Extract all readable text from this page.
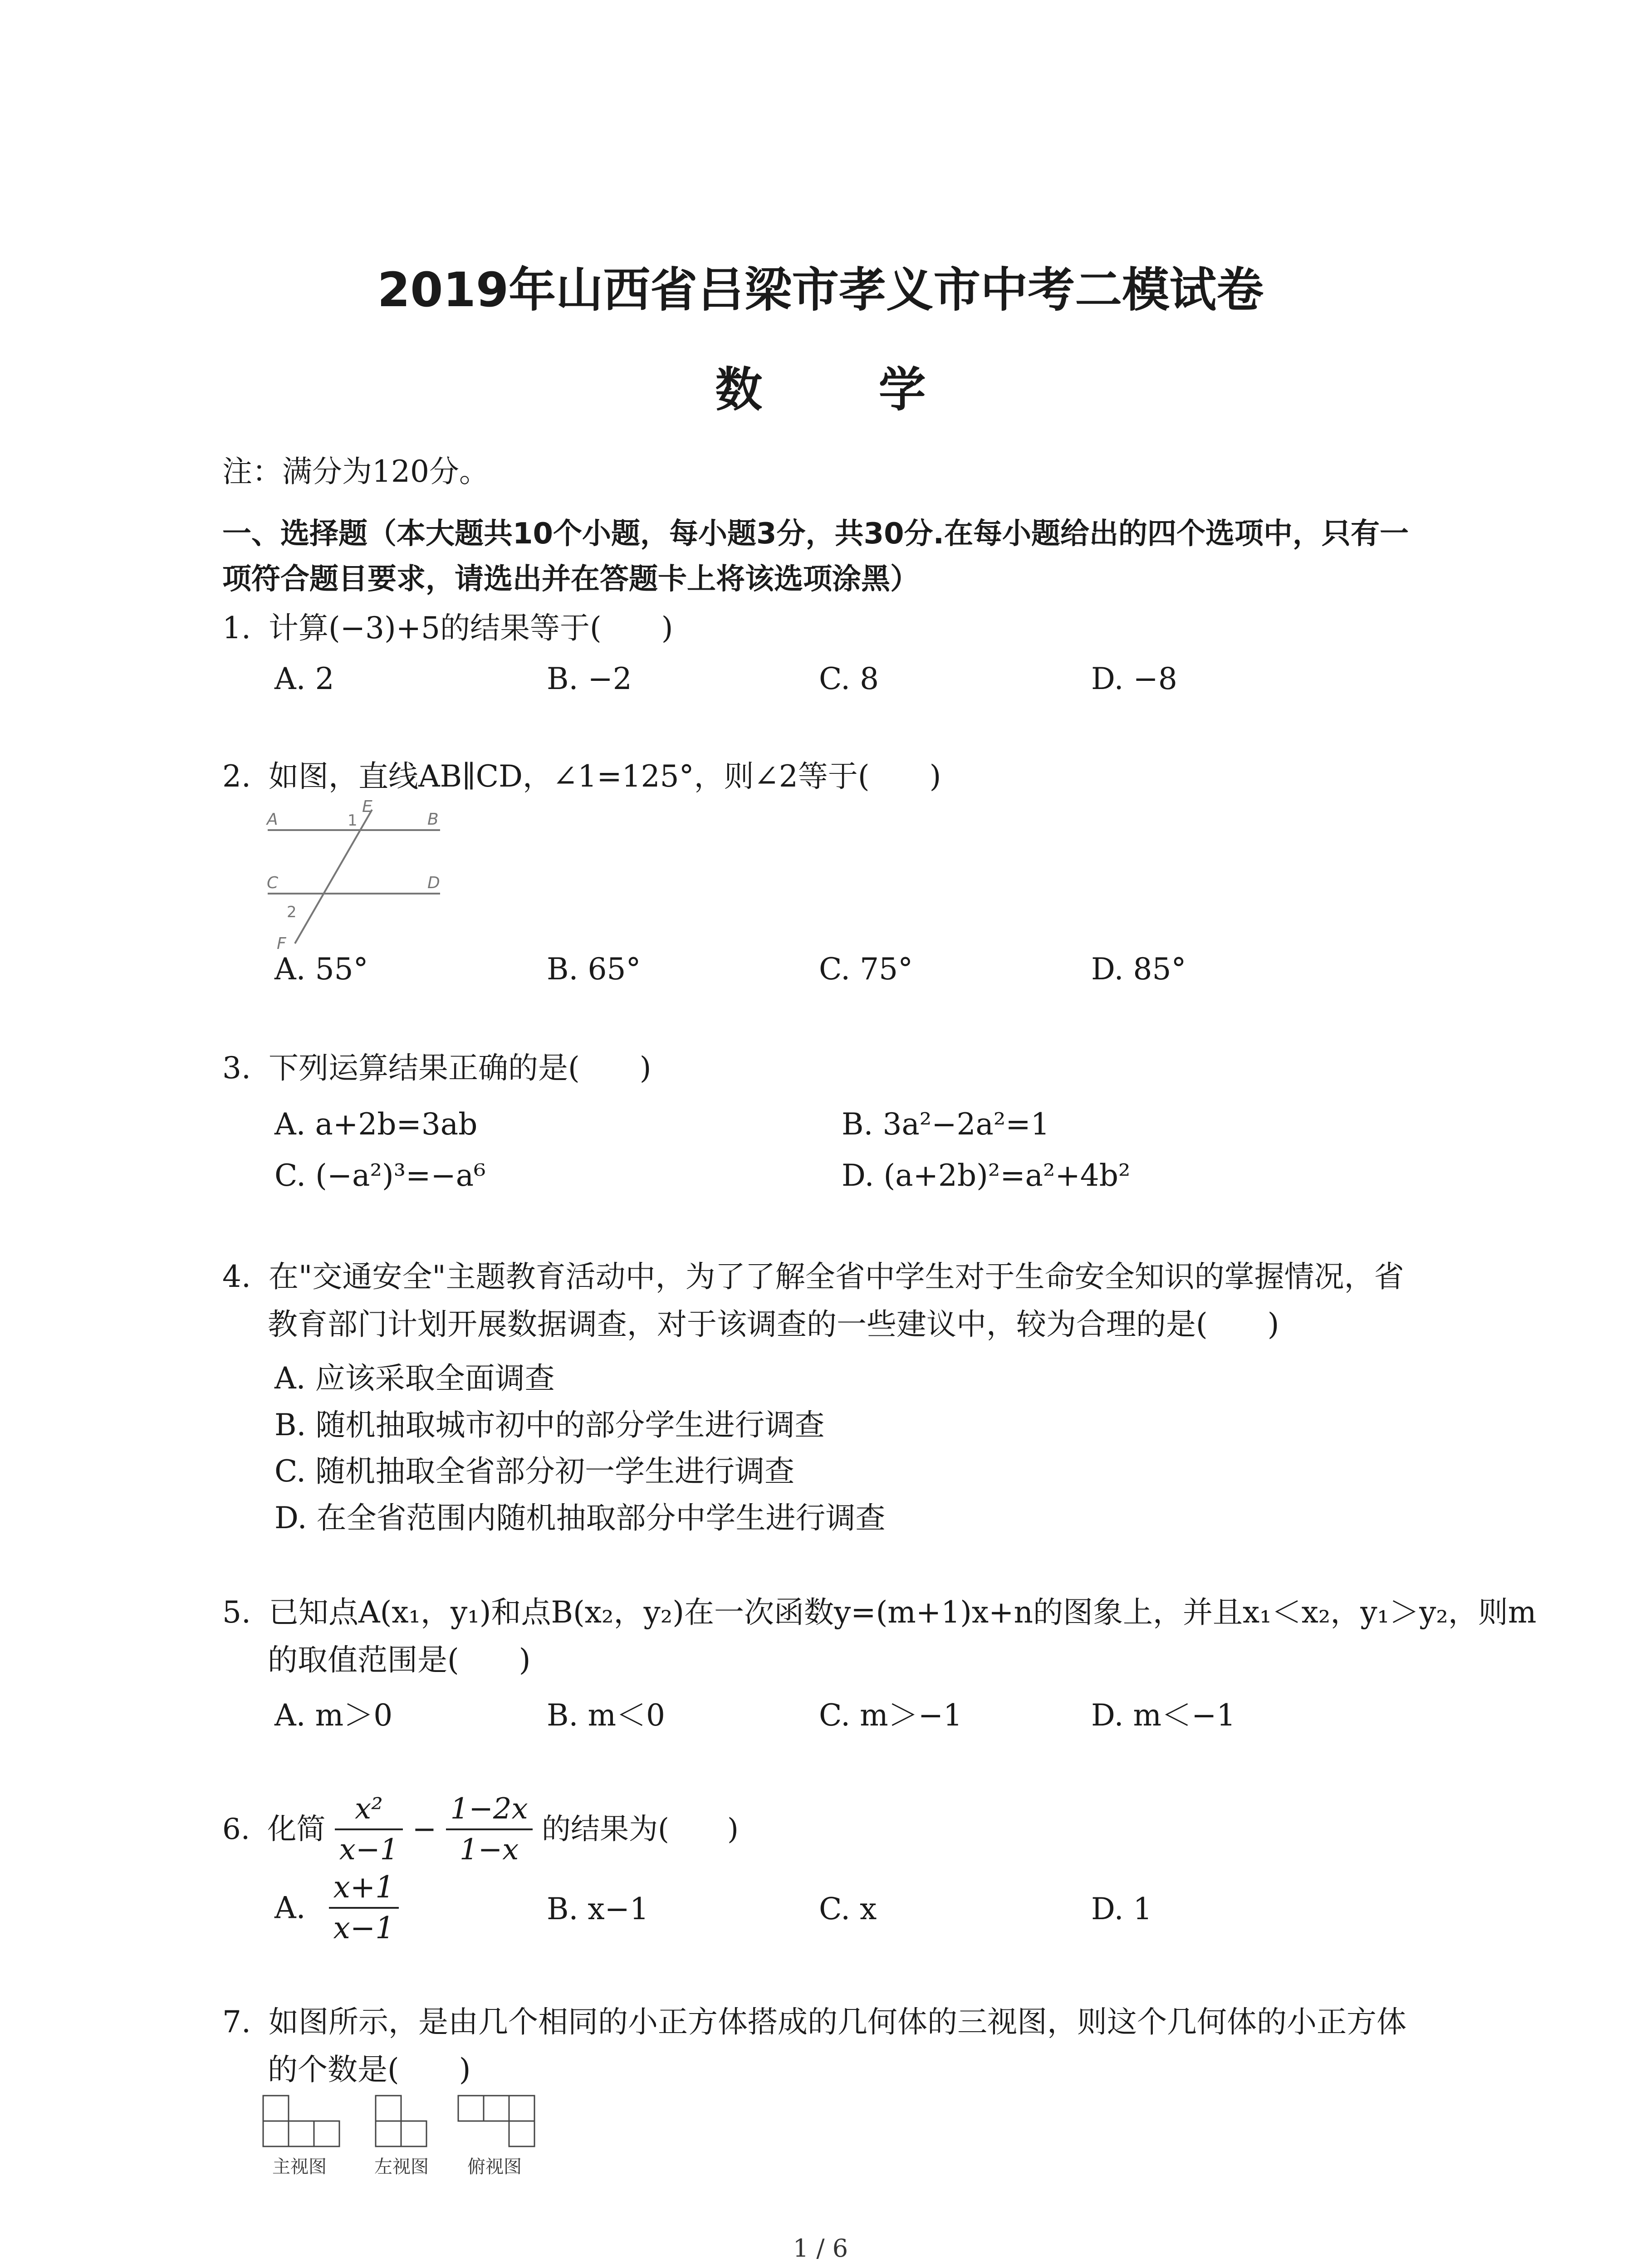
2019年山西省吕梁市孝义市中考二模试卷
数 学
注：满分为120分。
一、选择题（本大题共10个小题，每小题3分，共30分.在每小题给出的四个选项中，只有一
项符合题目要求，请选出并在答题卡上将该选项涂黑）
1. 计算(−3)+5的结果等于(　　)
A. 2	B. −2	C. 8	D. −8
2. 如图，直线AB∥CD，∠1=125°，则∠2等于(　　)
A	B
C	D
E
F
1
2
A. 55°	B. 65°	C. 75°	D. 85°
3. 下列运算结果正确的是(　　)
A. a+2b=3ab	B. 3a²−2a²=1
C. (−a²)³=−a⁶	D. (a+2b)²=a²+4b²
4. 在"交通安全"主题教育活动中，为了了解全省中学生对于生命安全知识的掌握情况，省
教育部门计划开展数据调查，对于该调查的一些建议中，较为合理的是(　　)
A. 应该采取全面调查
B. 随机抽取城市初中的部分学生进行调查
C. 随机抽取全省部分初一学生进行调查
D. 在全省范围内随机抽取部分中学生进行调查
5. 已知点A(x₁，y₁)和点B(x₂，y₂)在一次函数y=(m+1)x+n的图象上，并且x₁＜x₂，y₁＞y₂，则m
的取值范围是(　　)
A. m＞0	B. m＜0	C. m＞−1	D. m＜−1
6. 化简 $\frac{\text{x²}}{x-1} - \frac{1-2x}{1-x}$ 的结果为(　　)
A. $\frac{x+1}{x-1}$	B. x−1	C. x	D. 1
7. 如图所示，是由几个相同的小正方体搭成的几何体的三视图，则这个几何体的小正方体
的个数是(　　)
主视图	左视图 俯视图
1 / 6
